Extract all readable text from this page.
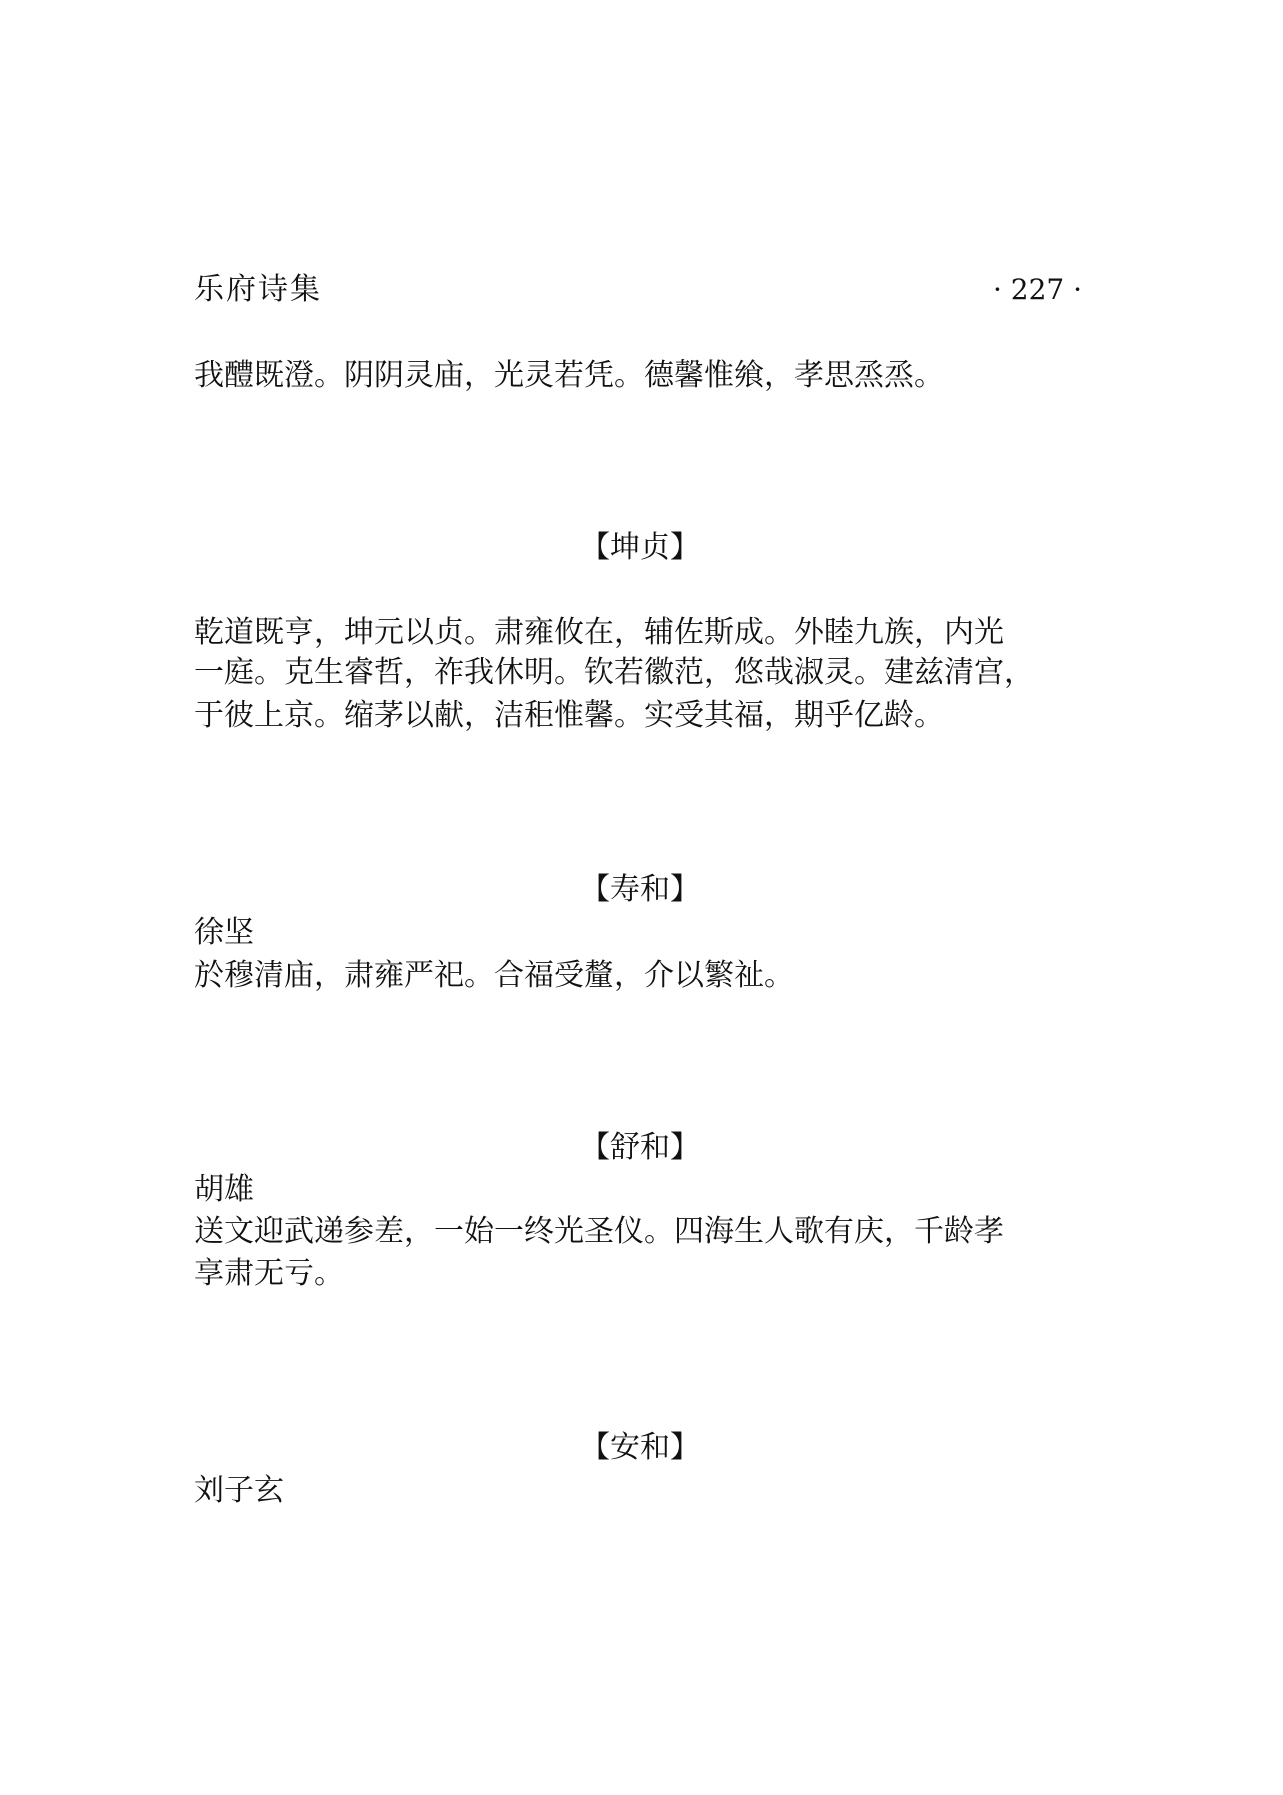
乐府诗集	· 227 ·
我醴既澄。阴阴灵庙，光灵若凭。德馨惟飨，孝思烝烝。
【坤贞】
乾道既亨，坤元以贞。肃雍攸在，辅佐斯成。外睦九族，内光
一庭。克生睿哲，祚我休明。钦若徽范，悠哉淑灵。建兹清宫，
于彼上京。缩茅以献，洁秬惟馨。实受其福，期乎亿龄。
【寿和】
徐坚
於穆清庙，肃雍严祀。合福受釐，介以繁祉。
【舒和】
胡雄
送文迎武递参差，一始一终光圣仪。四海生人歌有庆，千龄孝
享肃无亏。
【安和】
刘子玄
